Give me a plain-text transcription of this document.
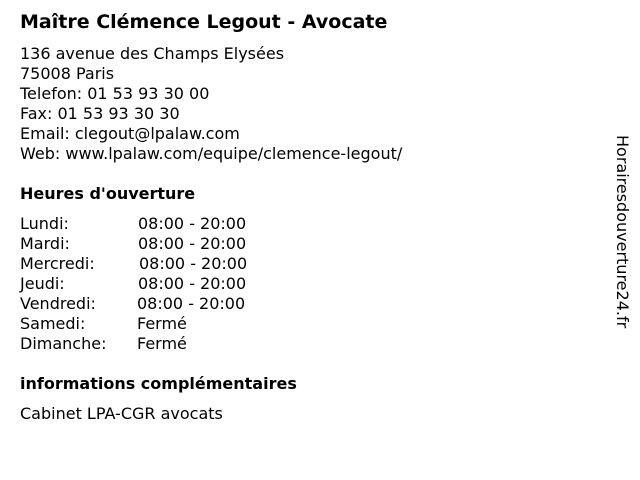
Maître Clémence Legout - Avocate
136 avenue des Champs Elysées
75008 Paris
Telefon: 01 53 93 30 00
Fax: 01 53 93 30 30
Email: clegout@lpalaw.com
Web: www.lpalaw.com/equipe/clemence-legout/
Heures d'ouverture
Lundi:	08:00 - 20:00
Mardi:	08:00 - 20:00
Mercredi:	08:00 - 20:00
Jeudi:	08:00 - 20:00
Vendredi:	08:00 - 20:00
Samedi:	Fermé
Dimanche: Fermé
informations complémentaires
Cabinet LPA-CGR avocats
Horairesdouverture24.fr
